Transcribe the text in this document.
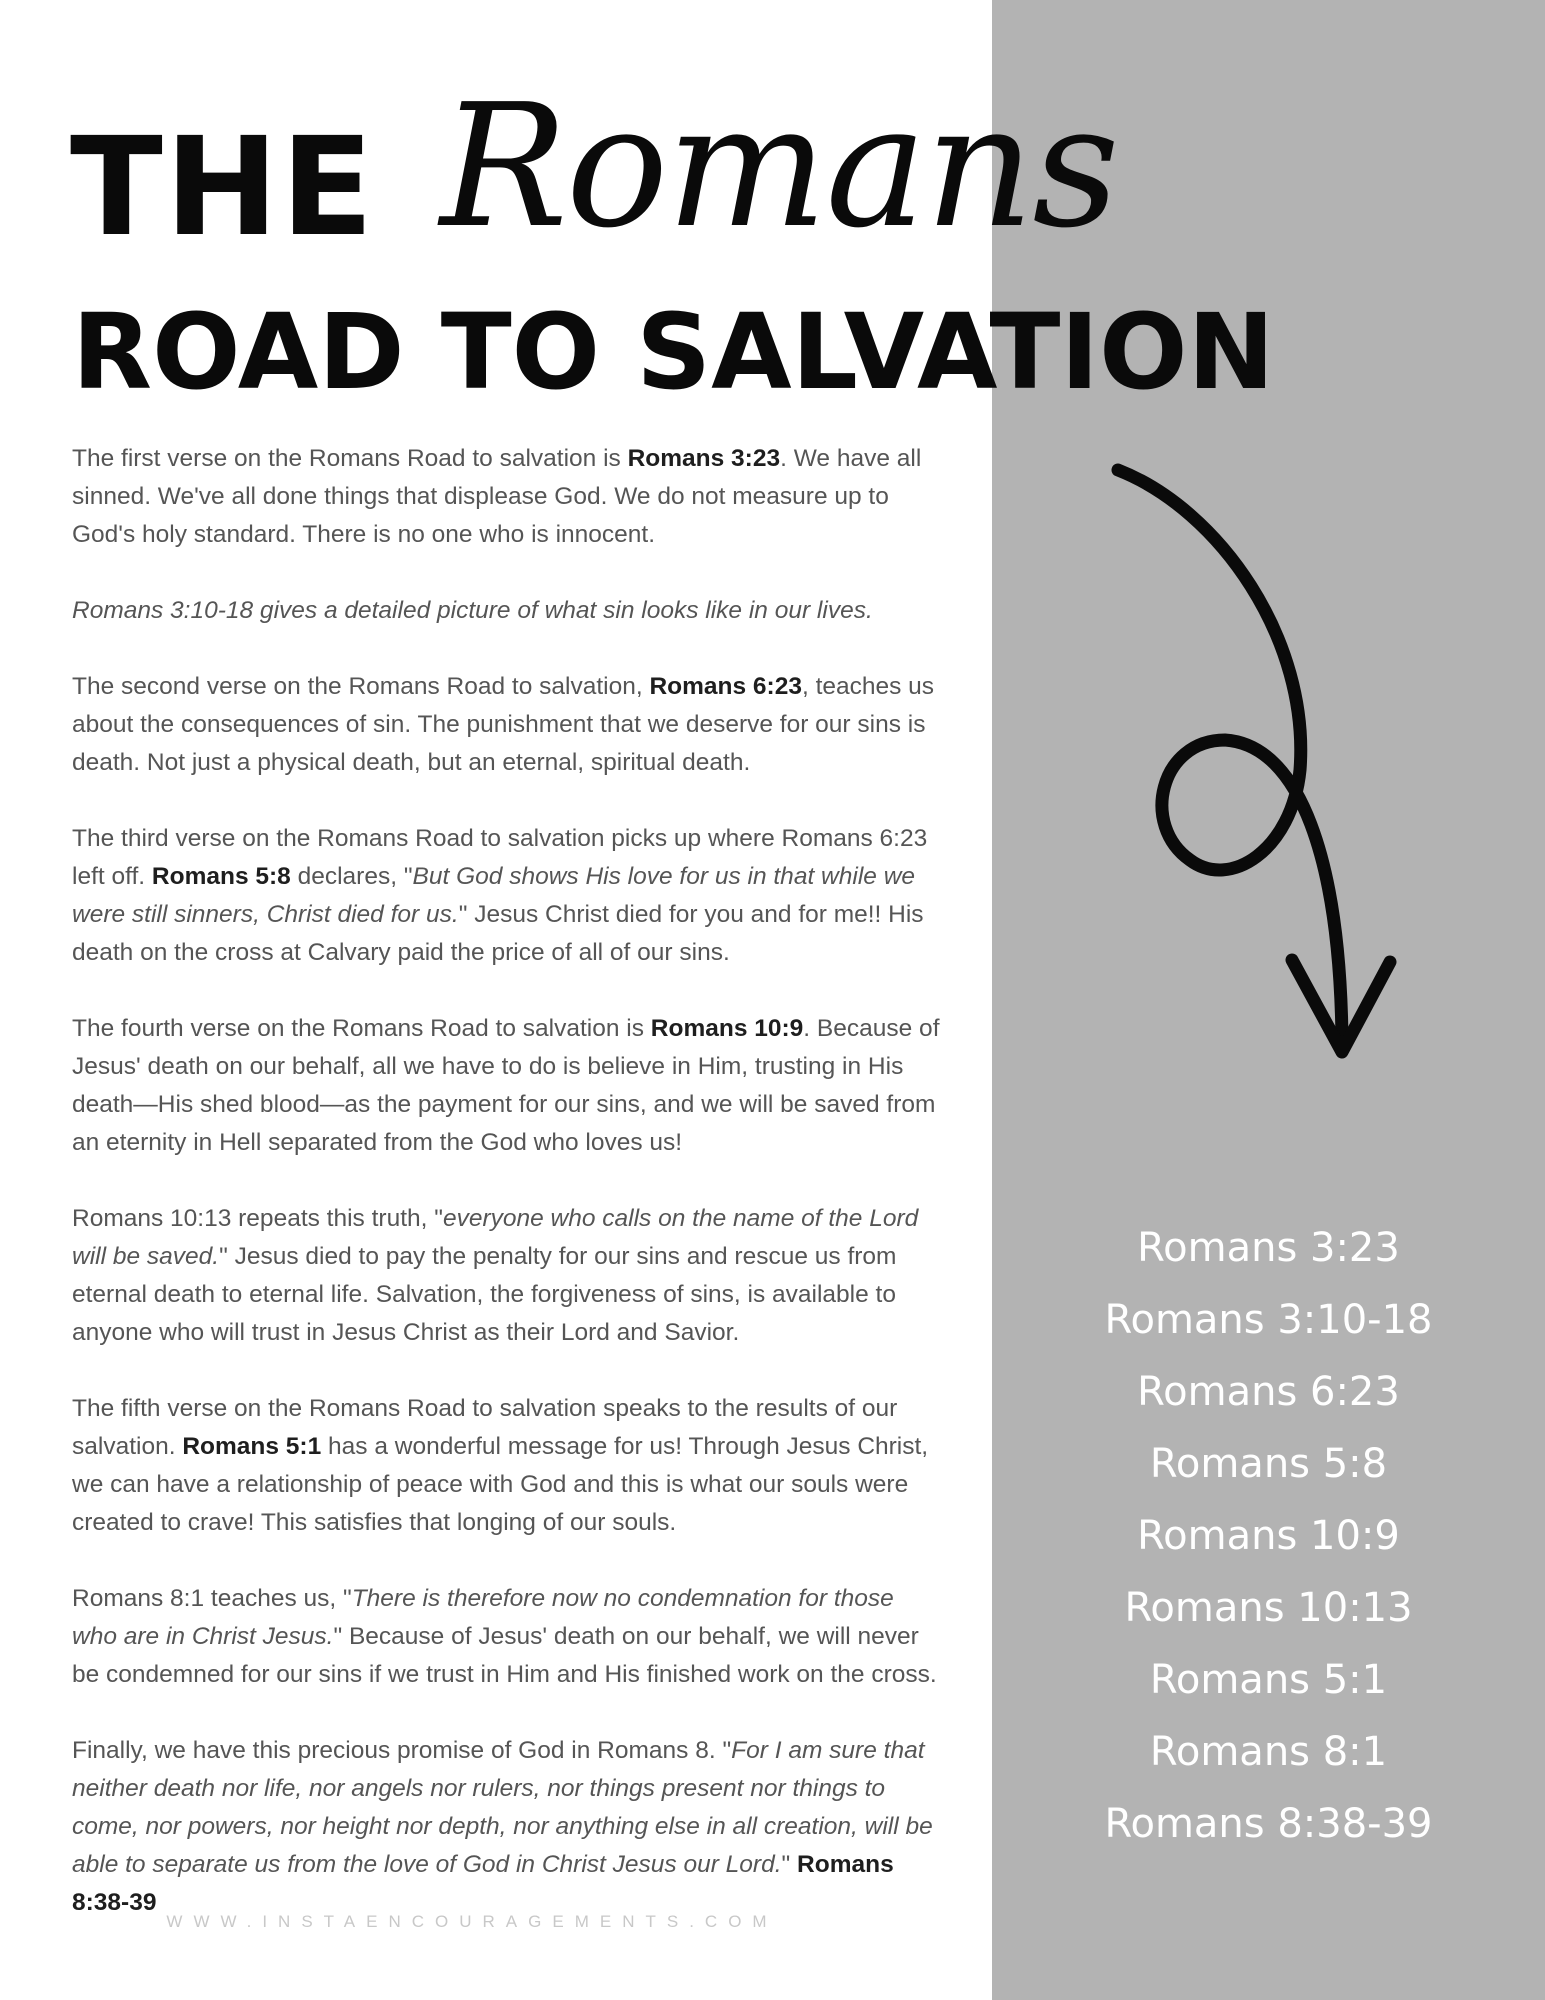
THE Romans
ROAD TO SALVATION

The first verse on the Romans Road to salvation is Romans 3:23. We have all sinned. We've all done things that displease God. We do not measure up to God's holy standard. There is no one who is innocent.

Romans 3:10-18 gives a detailed picture of what sin looks like in our lives.

The second verse on the Romans Road to salvation, Romans 6:23, teaches us about the consequences of sin. The punishment that we deserve for our sins is death. Not just a physical death, but an eternal, spiritual death.

The third verse on the Romans Road to salvation picks up where Romans 6:23 left off. Romans 5:8 declares, "But God shows His love for us in that while we were still sinners, Christ died for us." Jesus Christ died for you and for me!! His death on the cross at Calvary paid the price of all of our sins.

The fourth verse on the Romans Road to salvation is Romans 10:9. Because of Jesus' death on our behalf, all we have to do is believe in Him, trusting in His death—His shed blood—as the payment for our sins, and we will be saved from an eternity in Hell separated from the God who loves us!

Romans 10:13 repeats this truth, "everyone who calls on the name of the Lord will be saved." Jesus died to pay the penalty for our sins and rescue us from eternal death to eternal life. Salvation, the forgiveness of sins, is available to anyone who will trust in Jesus Christ as their Lord and Savior.

The fifth verse on the Romans Road to salvation speaks to the results of our salvation. Romans 5:1 has a wonderful message for us! Through Jesus Christ, we can have a relationship of peace with God and this is what our souls were created to crave! This satisfies that longing of our souls.

Romans 8:1 teaches us, "There is therefore now no condemnation for those who are in Christ Jesus." Because of Jesus' death on our behalf, we will never be condemned for our sins if we trust in Him and His finished work on the cross.

Finally, we have this precious promise of God in Romans 8. "For I am sure that neither death nor life, nor angels nor rulers, nor things present nor things to come, nor powers, nor height nor depth, nor anything else in all creation, will be able to separate us from the love of God in Christ Jesus our Lord." Romans 8:38-39

Romans 3:23
Romans 3:10-18
Romans 6:23
Romans 5:8
Romans 10:9
Romans 10:13
Romans 5:1
Romans 8:1
Romans 8:38-39
WWW.INSTAENCOURAGEMENTS.COM
